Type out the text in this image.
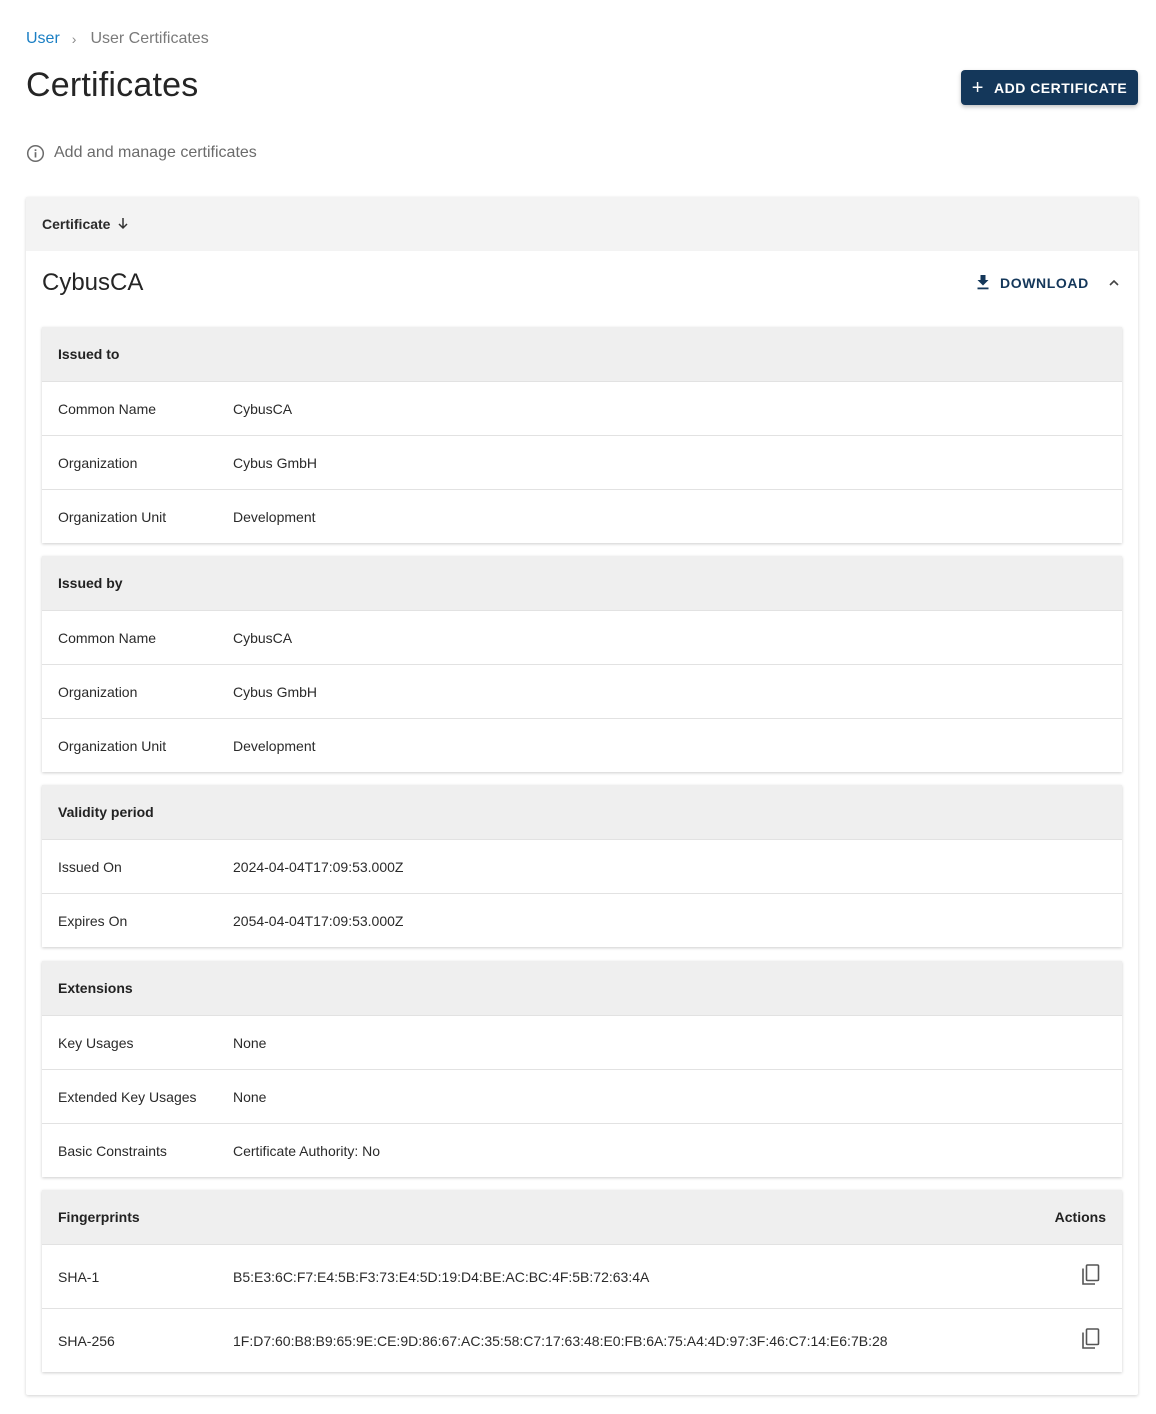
User › User Certificates
Certificates	+ ADD CERTIFICATE
Add and manage certificates
Certificate
CybusCA	DOWNLOAD
Issued to
Common Name	CybusCA
Organization	Cybus GmbH
Organization Unit	Development
Issued by
Common Name	CybusCA
Organization	Cybus GmbH
Organization Unit	Development
Validity period
Issued On	2024-04-04T17:09:53.000Z
Expires On	2054-04-04T17:09:53.000Z
Extensions
Key Usages	None
Extended Key Usages	None
Basic Constraints	Certificate Authority: No
Fingerprints	Actions
SHA-1	B5:E3:6C:F7:E4:5B:F3:73:E4:5D:19:D4:BE:AC:BC:4F:5B:72:63:4A
SHA-256	1F:D7:60:B8:B9:65:9E:CE:9D:86:67:AC:35:58:C7:17:63:48:E0:FB:6A:75:A4:4D:97:3F:46:C7:14:E6:7B:28
